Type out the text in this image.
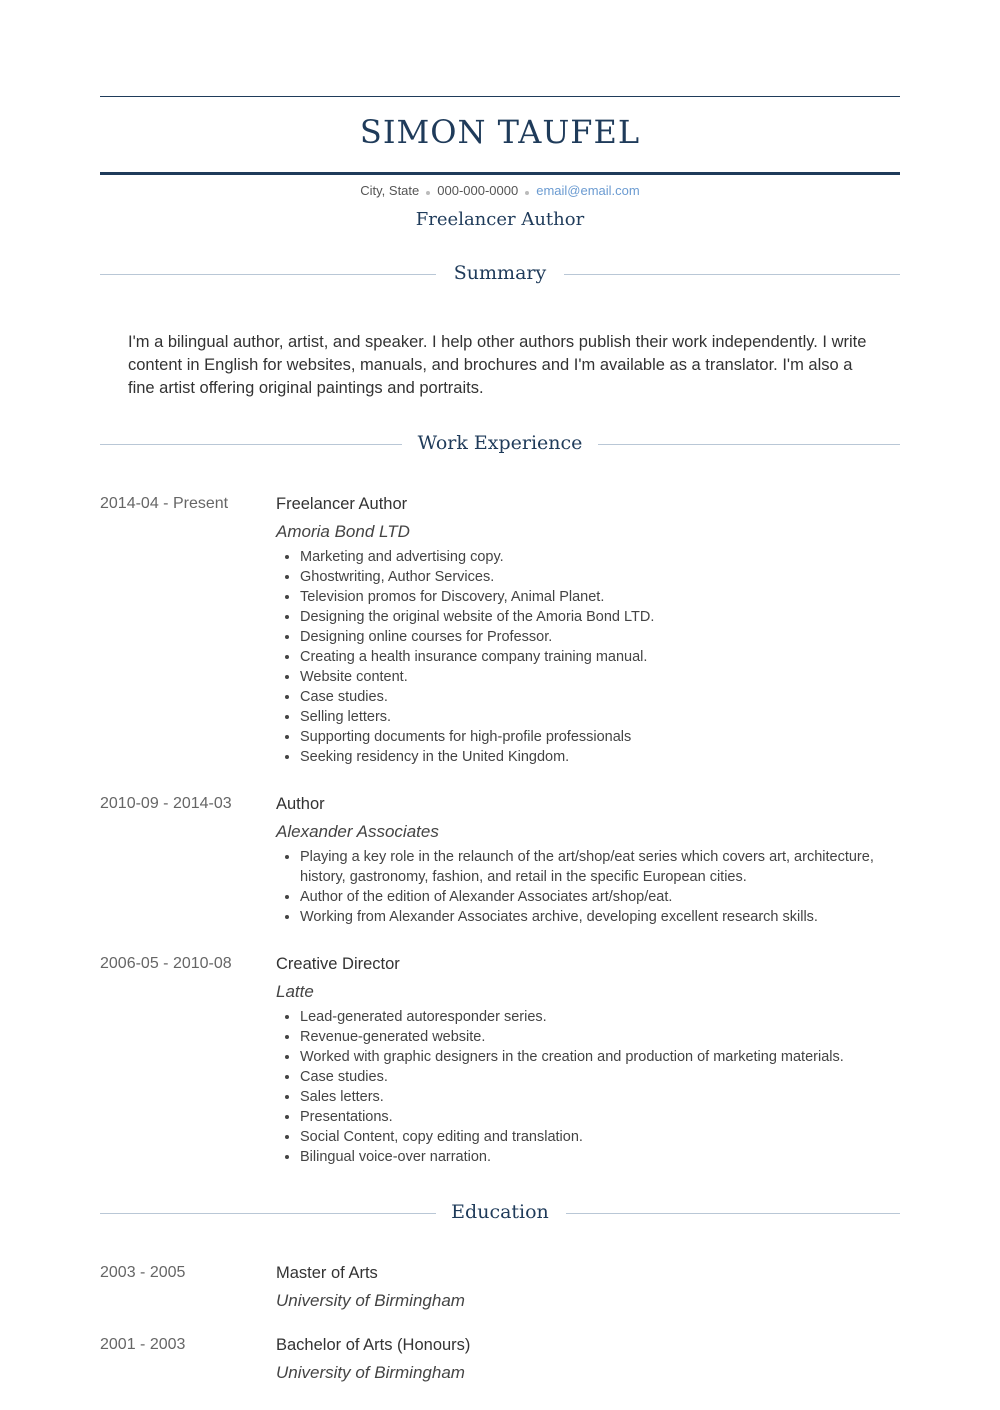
SIMON TAUFEL
City, State 000-000-0000 email@email.com
Freelancer Author
Summary
I'm a bilingual author, artist, and speaker. I help other authors publish their work independently. I write content in English for websites, manuals, and brochures and I'm available as a translator. I'm also a fine artist offering original paintings and portraits.
Work Experience
2014-04 - Present	Freelancer Author
Amoria Bond LTD
• Marketing and advertising copy.
• Ghostwriting, Author Services.
• Television promos for Discovery, Animal Planet.
• Designing the original website of the Amoria Bond LTD.
• Designing online courses for Professor.
• Creating a health insurance company training manual.
• Website content.
• Case studies.
• Selling letters.
• Supporting documents for high-profile professionals
• Seeking residency in the United Kingdom.
2010-09 - 2014-03	Author
Alexander Associates
• Playing a key role in the relaunch of the art/shop/eat series which covers art, architecture, history, gastronomy, fashion, and retail in the specific European cities.
• Author of the edition of Alexander Associates art/shop/eat.
• Working from Alexander Associates archive, developing excellent research skills.
2006-05 - 2010-08	Creative Director
Latte
• Lead-generated autoresponder series.
• Revenue-generated website.
• Worked with graphic designers in the creation and production of marketing materials.
• Case studies.
• Sales letters.
• Presentations.
• Social Content, copy editing and translation.
• Bilingual voice-over narration.
Education
2003 - 2005	Master of Arts
University of Birmingham
2001 - 2003	Bachelor of Arts (Honours)
University of Birmingham
